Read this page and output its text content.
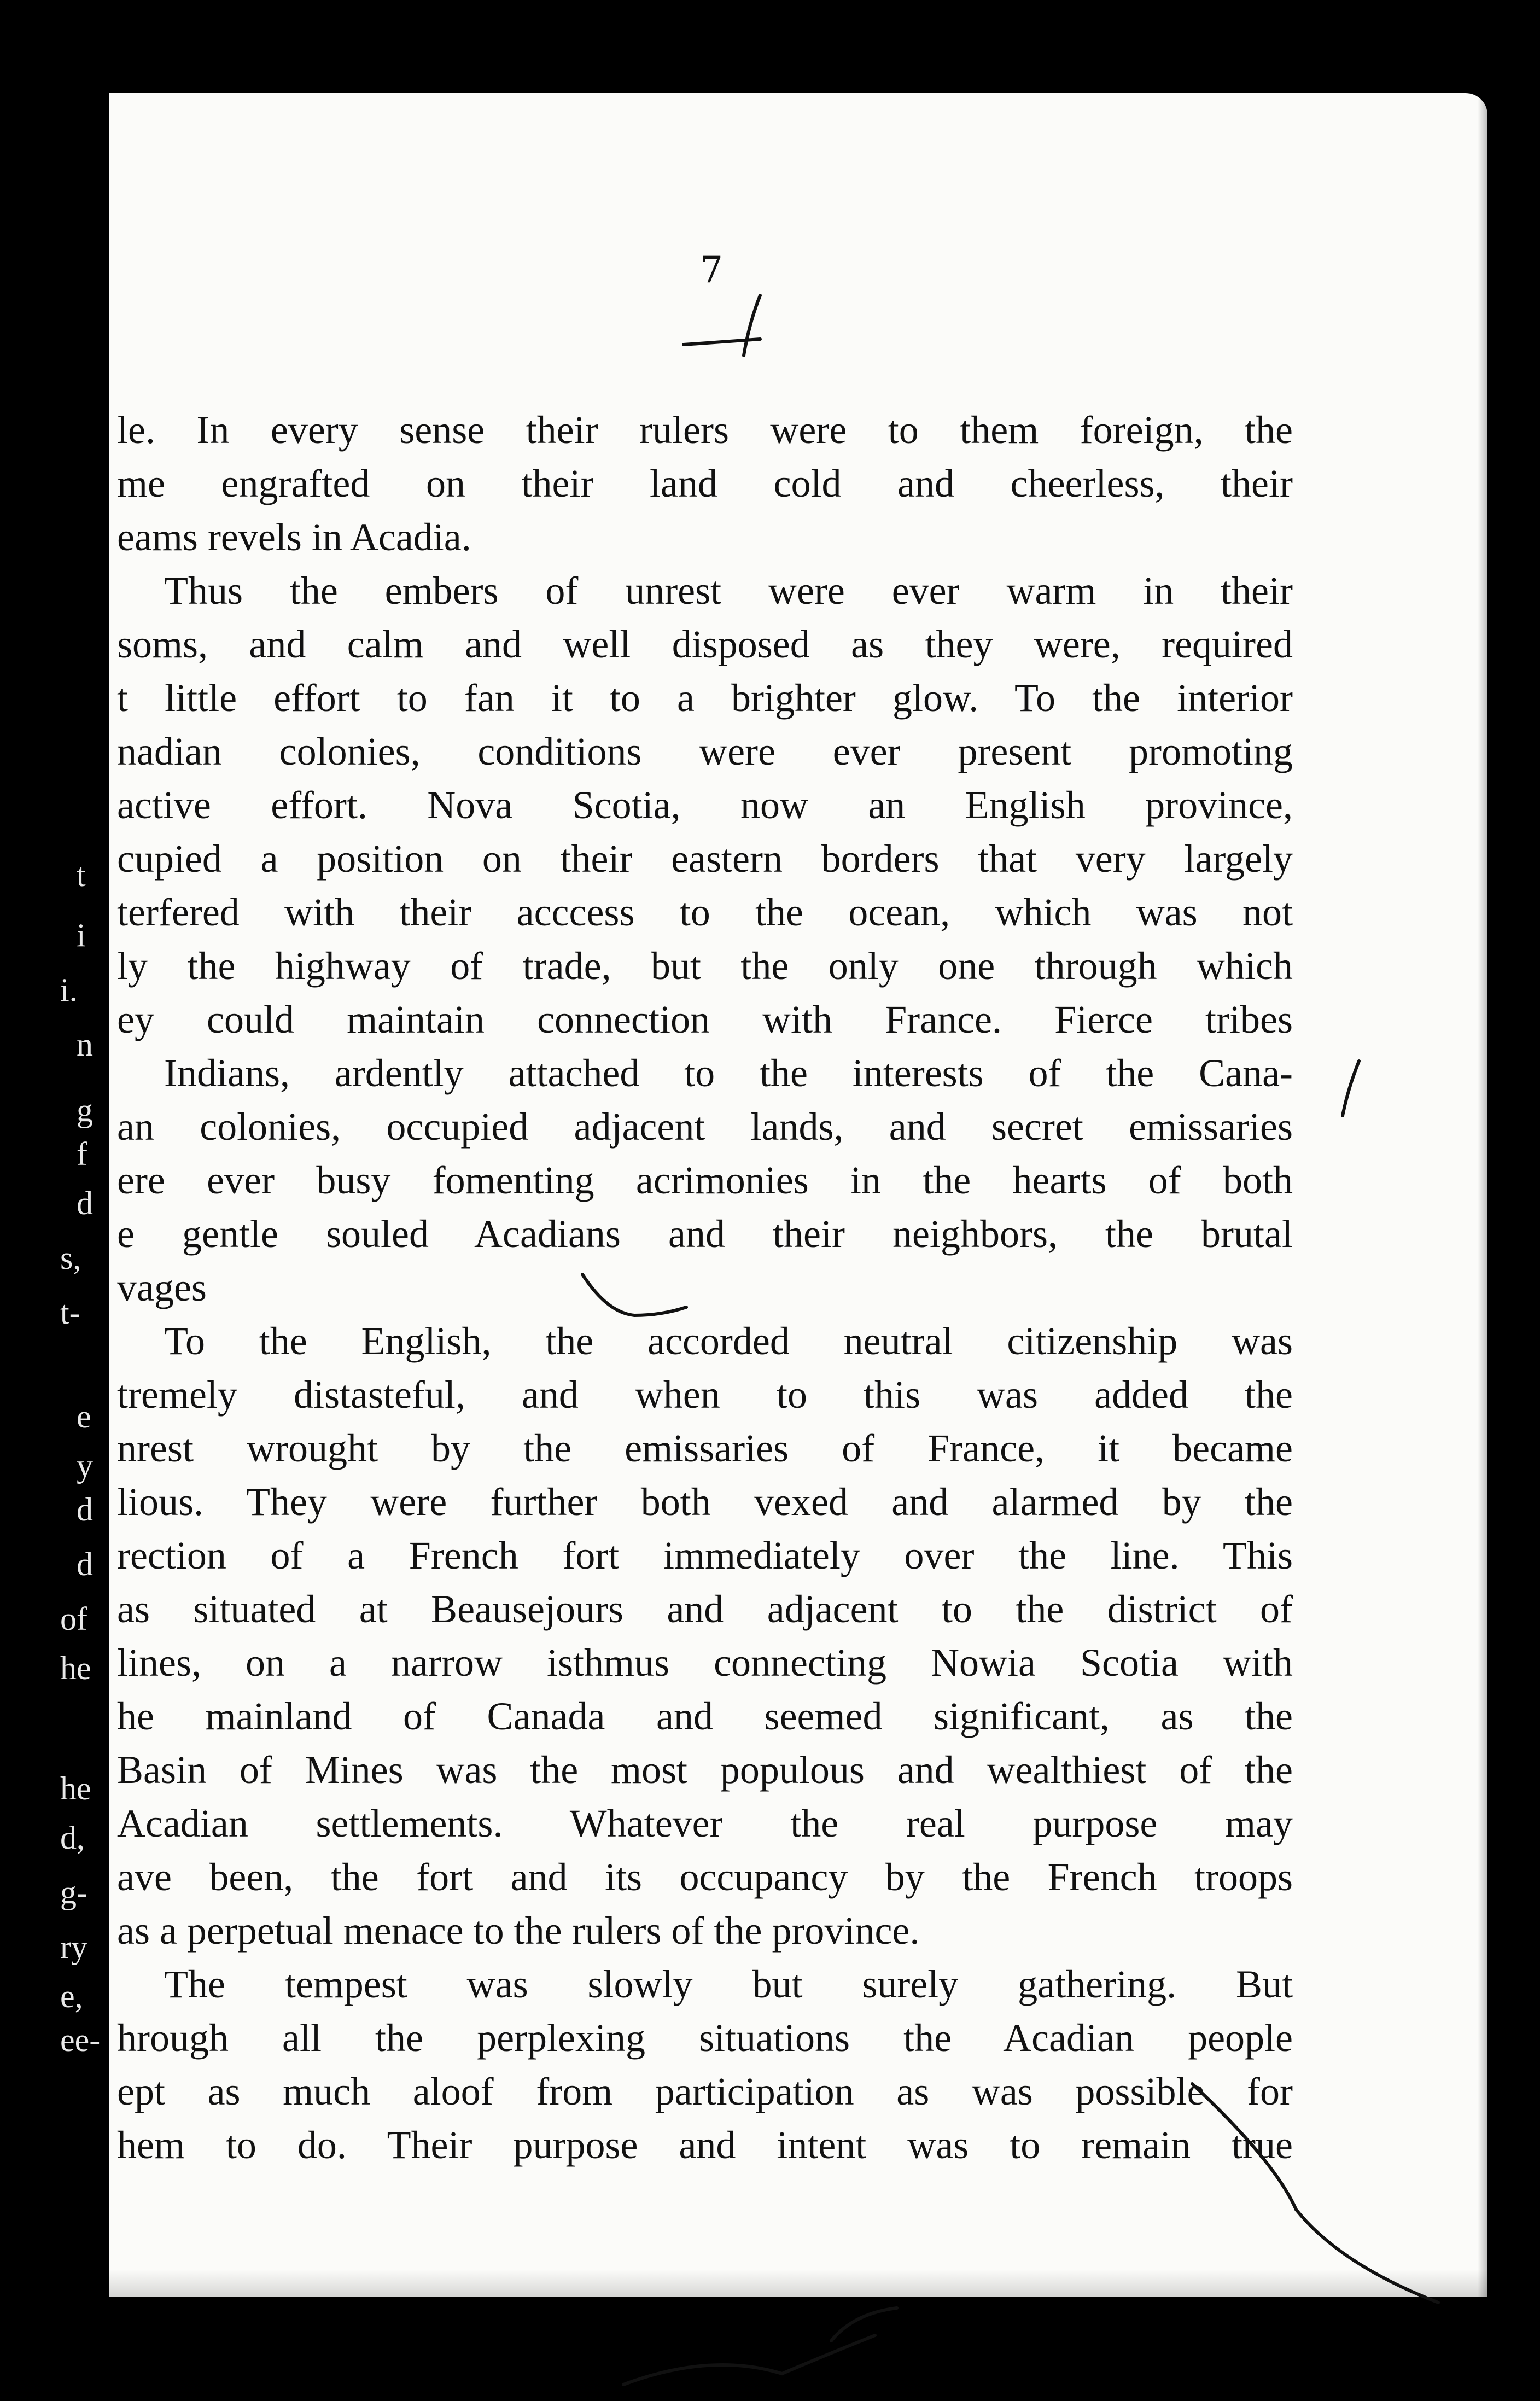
t
i
i.
n
g
f
d
s,
t-
e
y
d
d
of
he
he
d,
g-
ry
e,
ee-
7
le. In every sense their rulers were to them foreign, the
me engrafted on their land cold and cheerless, their
eams revels in Acadia.
Thus the embers of unrest were ever warm in their
soms, and calm and well disposed as they were, required
t little effort to fan it to a brighter glow. To the interior
nadian colonies, conditions were ever present promoting
active effort. Nova Scotia, now an English province,
cupied a position on their eastern borders that very largely
terfered with their acccess to the ocean, which was not
ly the highway of trade, but the only one through which
ey could maintain connection with France. Fierce tribes
Indians, ardently attached to the interests of the Cana-
an colonies, occupied adjacent lands, and secret emissaries
ere ever busy fomenting acrimonies in the hearts of both
e gentle souled Acadians and their neighbors, the brutal
vages
To the English, the accorded neutral citizenship was
tremely distasteful, and when to this was added the
nrest wrought by the emissaries of France, it became
lious. They were further both vexed and alarmed by the
rection of a French fort immediately over the line. This
as situated at Beausejours and adjacent to the district of
lines, on a narrow isthmus connecting Nowia Scotia with
he mainland of Canada and seemed significant, as the
Basin of Mines was the most populous and wealthiest of the
Acadian settlements. Whatever the real purpose may
ave been, the fort and its occupancy by the French troops
as a perpetual menace to the rulers of the province.
The tempest was slowly but surely gathering. But
hrough all the perplexing situations the Acadian people
ept as much aloof from participation as was possible for
hem to do. Their purpose and intent was to remain true
